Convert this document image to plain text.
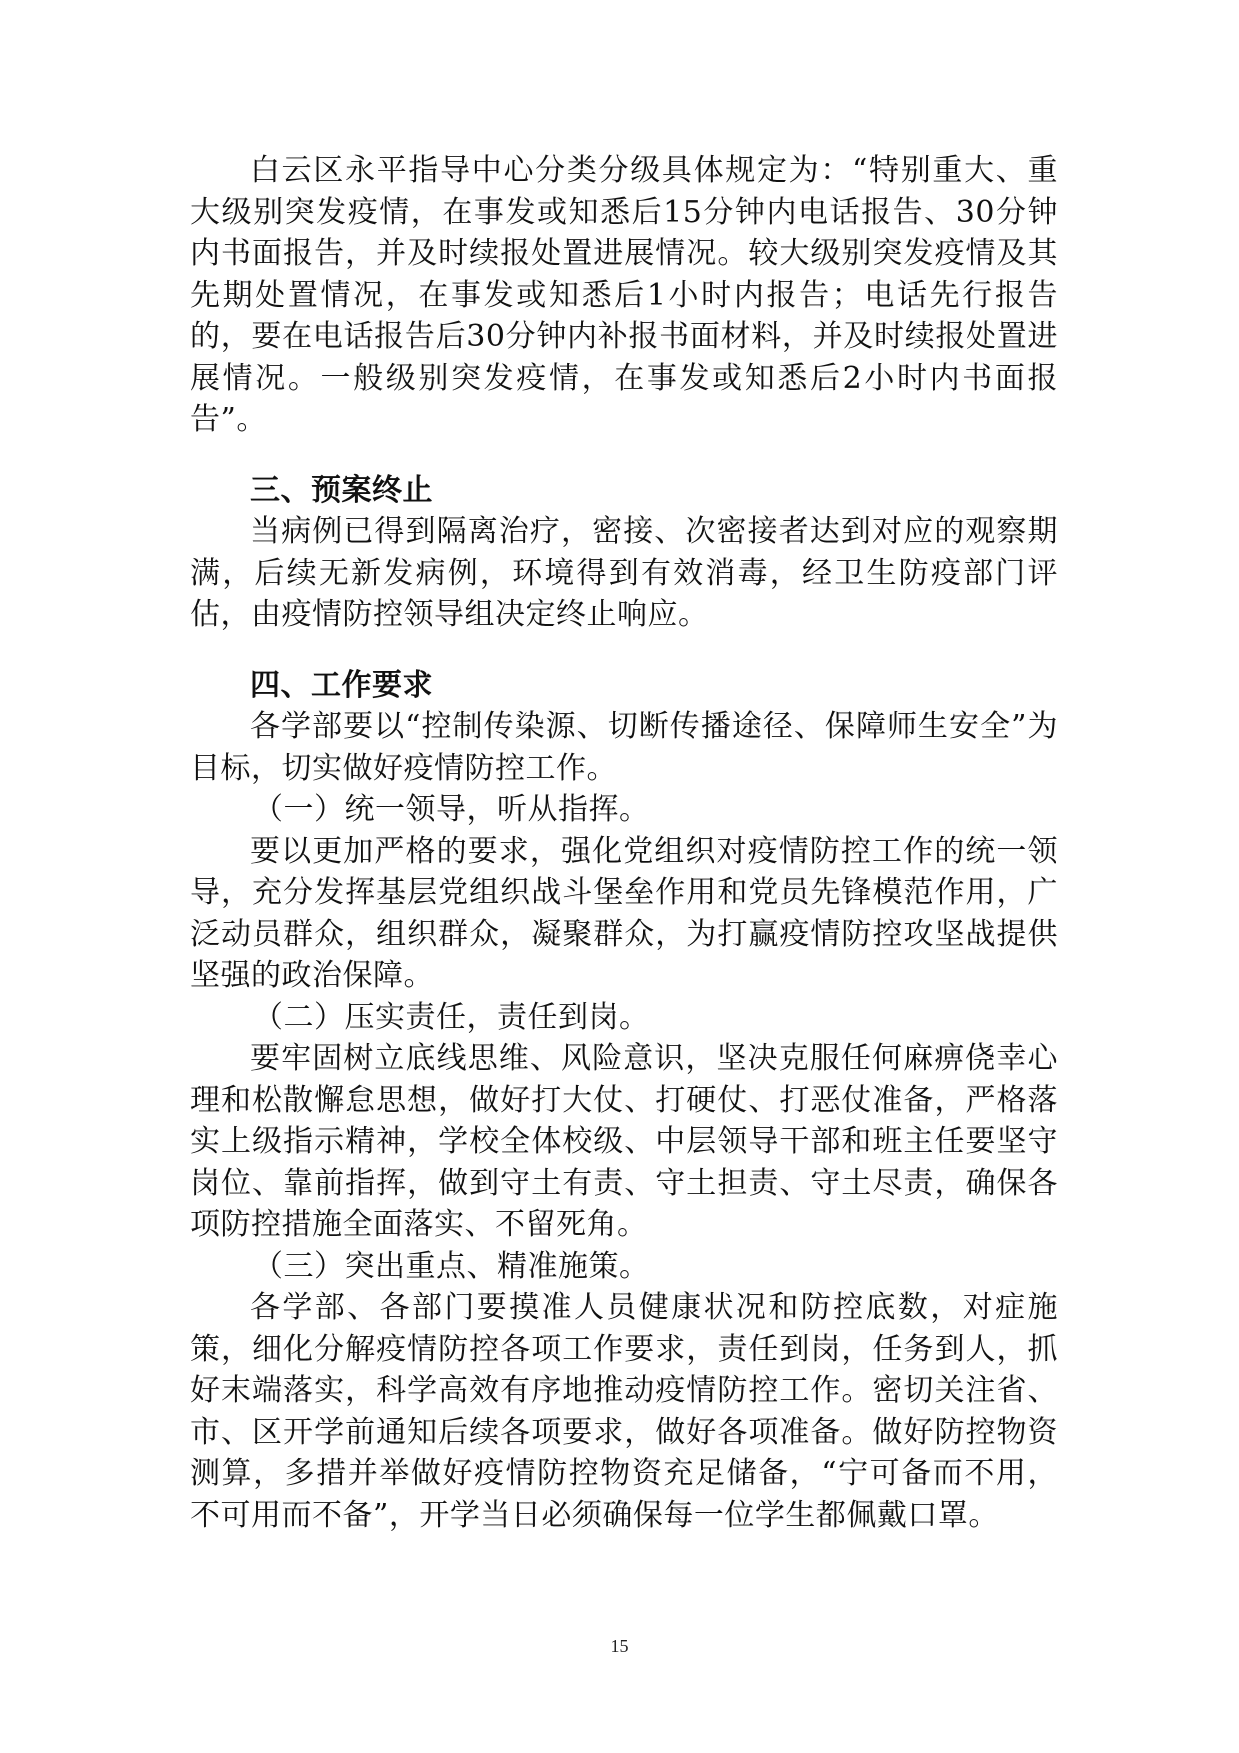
白云区永平指导中心分类分级具体规定为：“特别重大、重大级别突发疫情，在事发或知悉后15分钟内电话报告、30分钟内书面报告，并及时续报处置进展情况。较大级别突发疫情及其先期处置情况，在事发或知悉后1小时内报告；电话先行报告的，要在电话报告后30分钟内补报书面材料，并及时续报处置进展情况。一般级别突发疫情，在事发或知悉后2小时内书面报告”。

三、预案终止

当病例已得到隔离治疗，密接、次密接者达到对应的观察期满，后续无新发病例，环境得到有效消毒，经卫生防疫部门评估，由疫情防控领导组决定终止响应。

四、工作要求

各学部要以“控制传染源、切断传播途径、保障师生安全”为目标，切实做好疫情防控工作。

（一）统一领导，听从指挥。

要以更加严格的要求，强化党组织对疫情防控工作的统一领导，充分发挥基层党组织战斗堡垒作用和党员先锋模范作用，广泛动员群众，组织群众，凝聚群众，为打赢疫情防控攻坚战提供坚强的政治保障。

（二）压实责任，责任到岗。

要牢固树立底线思维、风险意识，坚决克服任何麻痹侥幸心理和松散懈怠思想，做好打大仗、打硬仗、打恶仗准备，严格落实上级指示精神，学校全体校级、中层领导干部和班主任要坚守岗位、靠前指挥，做到守土有责、守土担责、守土尽责，确保各项防控措施全面落实、不留死角。

（三）突出重点、精准施策。

各学部、各部门要摸准人员健康状况和防控底数，对症施策，细化分解疫情防控各项工作要求，责任到岗，任务到人，抓好末端落实，科学高效有序地推动疫情防控工作。密切关注省、市、区开学前通知后续各项要求，做好各项准备。做好防控物资测算，多措并举做好疫情防控物资充足储备，“宁可备而不用，不可用而不备”，开学当日必须确保每一位学生都佩戴口罩。

15
